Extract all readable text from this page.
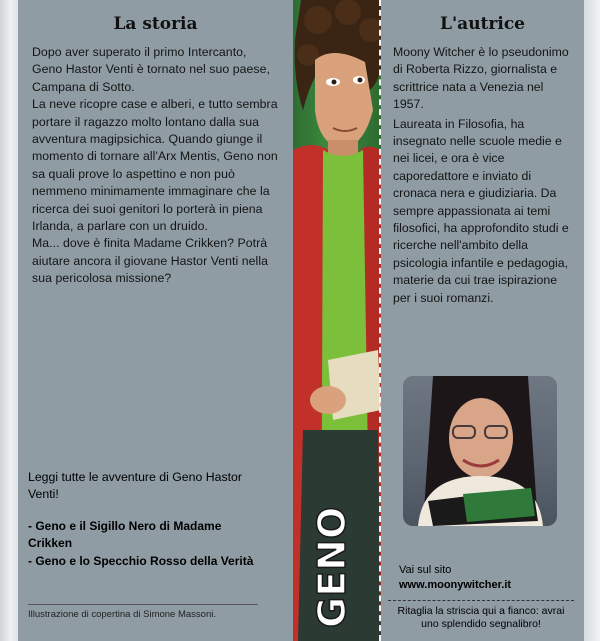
La storia

Dopo aver superato il primo Intercanto, Geno Hastor Venti è tornato nel suo paese, Campana di Sotto.

La neve ricopre case e alberi, e tutto sembra portare il ragazzo molto lontano dalla sua avventura magipsichica. Quando giunge il momento di tornare all'Arx Mentis, Geno non sa quali prove lo aspettino e non può nemmeno minimamente immaginare che la ricerca dei suoi genitori lo porterà in piena Irlanda, a parlare con un druido.

Ma... dove è finita Madame Crikken? Potrà aiutare ancora il giovane Hastor Venti nella sua pericolosa missione?

Leggi tutte le avventure di Geno Hastor Venti!
- Geno e il Sigillo Nero di Madame Crikken
- Geno e lo Specchio Rosso della Verità
Illustrazione di copertina di Simone Massoni.	GENO
L'autrice

Moony Witcher è lo pseudonimo di Roberta Rizzo, giornalista e scrittrice nata a Venezia nel 1957.

Laureata in Filosofia, ha insegnato nelle scuole medie e nei licei, e ora è vice caporedattore e inviato di cronaca nera e giudiziaria. Da sempre appassionata ai temi filosofici, ha approfondito studi e ricerche nell'ambito della psicologia infantile e pedagogia, materie da cui trae ispirazione per i suoi romanzi.

Vai sul sito
www.moonywitcher.it
Ritaglia la striscia qui a fianco: avrai uno splendido segnalibro!
